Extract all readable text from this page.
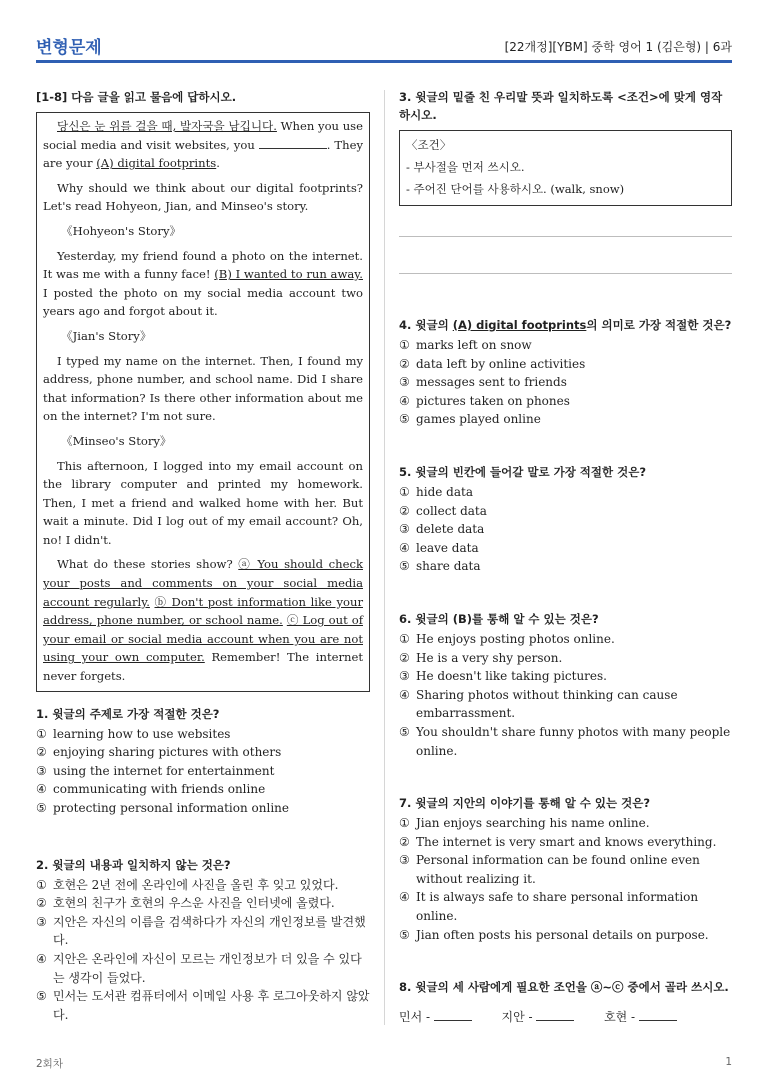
변형문제	[22개정][YBM] 중학 영어 1 (김은형) | 6과

[1-8] 다음 글을 읽고 물음에 답하시오.

당신은 눈 위를 걸을 때, 발자국을 남깁니다. When you use social media and visit websites, you	. They are your (A) digital footprints.

Why should we think about our digital footprints? Let's read Hohyeon, Jian, and Minseo's story.

《Hohyeon's Story》

Yesterday, my friend found a photo on the internet. It was me with a funny face! (B) I wanted to run away. I posted the photo on my social media account two years ago and forgot about it.

《Jian's Story》

I typed my name on the internet. Then, I found my address, phone number, and school name. Did I share that information? Is there other information about me on the internet? I'm not sure.

《Minseo's Story》

This afternoon, I logged into my email account on the library computer and printed my homework. Then, I met a friend and walked home with her. But wait a minute. Did I log out of my email account? Oh, no! I didn't.

What do these stories show? ⓐ You should check your posts and comments on your social media account regularly. ⓑ Don't post information like your address, phone number, or school name. ⓒ Log out of your email or social media account when you are not using your own computer. Remember! The internet never forgets.

1. 윗글의 주제로 가장 적절한 것은?

① learning how to use websites
② enjoying sharing pictures with others
③ using the internet for entertainment
④ communicating with friends online
⑤ protecting personal information online

2. 윗글의 내용과 일치하지 않는 것은?

① 호현은 2년 전에 온라인에 사진을 올린 후 잊고 있었다.
② 호현의 친구가 호현의 우스운 사진을 인터넷에 올렸다.
③ 지안은 자신의 이름을 검색하다가 자신의 개인정보를 발견했다.
④ 지안은 온라인에 자신이 모르는 개인정보가 더 있을 수 있다는 생각이 들었다.
⑤ 민서는 도서관 컴퓨터에서 이메일 사용 후 로그아웃하지 않았다.

3. 윗글의 밑줄 친 우리말 뜻과 일치하도록 <조건>에 맞게 영작하시오.

〈조건〉
- 부사절을 먼저 쓰시오.
- 주어진 단어를 사용하시오. (walk, snow)

4. 윗글의 (A) digital footprints의 의미로 가장 적절한 것은?

① marks left on snow
② data left by online activities
③ messages sent to friends
④ pictures taken on phones
⑤ games played online

5. 윗글의 빈칸에 들어갈 말로 가장 적절한 것은?

① hide data
② collect data
③ delete data
④ leave data
⑤ share data

6. 윗글의 (B)를 통해 알 수 있는 것은?

① He enjoys posting photos online.
② He is a very shy person.
③ He doesn't like taking pictures.
④ Sharing photos without thinking can cause embarrassment.
⑤ You shouldn't share funny photos with many people online.

7. 윗글의 지안의 이야기를 통해 알 수 있는 것은?

① Jian enjoys searching his name online.
② The internet is very smart and knows everything.
③ Personal information can be found online even without realizing it.
④ It is always safe to share personal information online.
⑤ Jian often posts his personal details on purpose.

8. 윗글의 세 사람에게 필요한 조언을 ⓐ~ⓒ 중에서 골라 쓰시오.

민서 -	지안 -	호현 -
2회차	1
